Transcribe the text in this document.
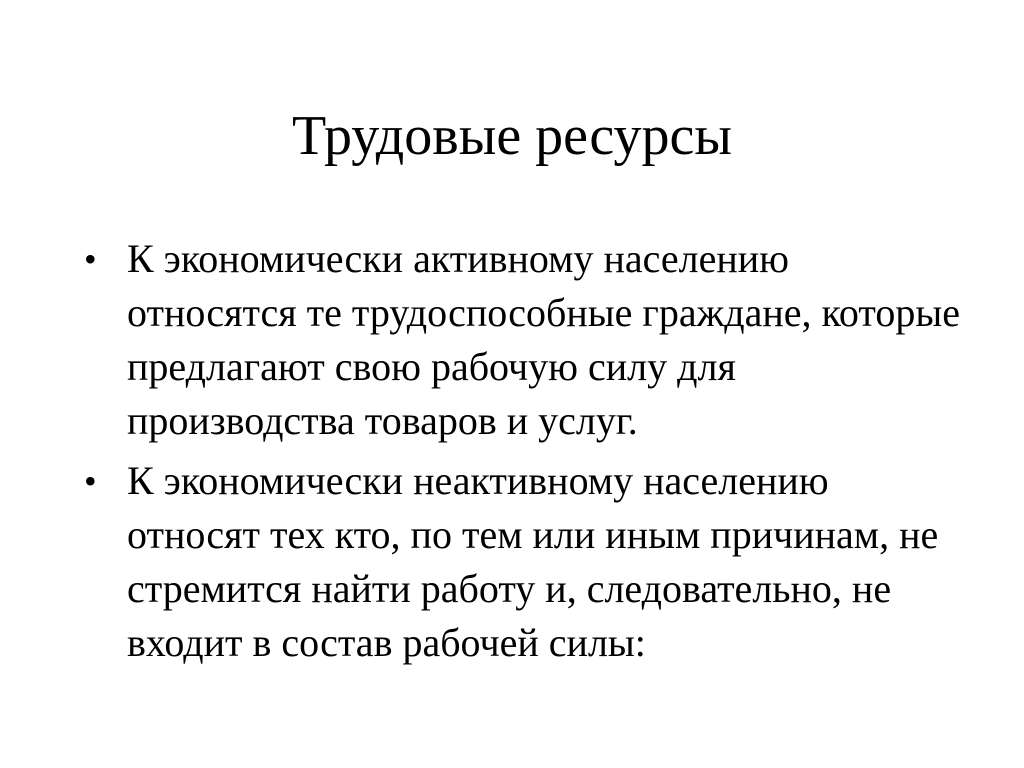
Трудовые ресурсы
• К экономически активному населению относятся те трудоспособные граждане, которые предлагают свою рабочую силу для производства товаров и услуг.
• К экономически неактивному населению относят тех кто, по тем или иным причинам, не стремится найти работу и, следовательно, не входит в состав рабочей силы:
